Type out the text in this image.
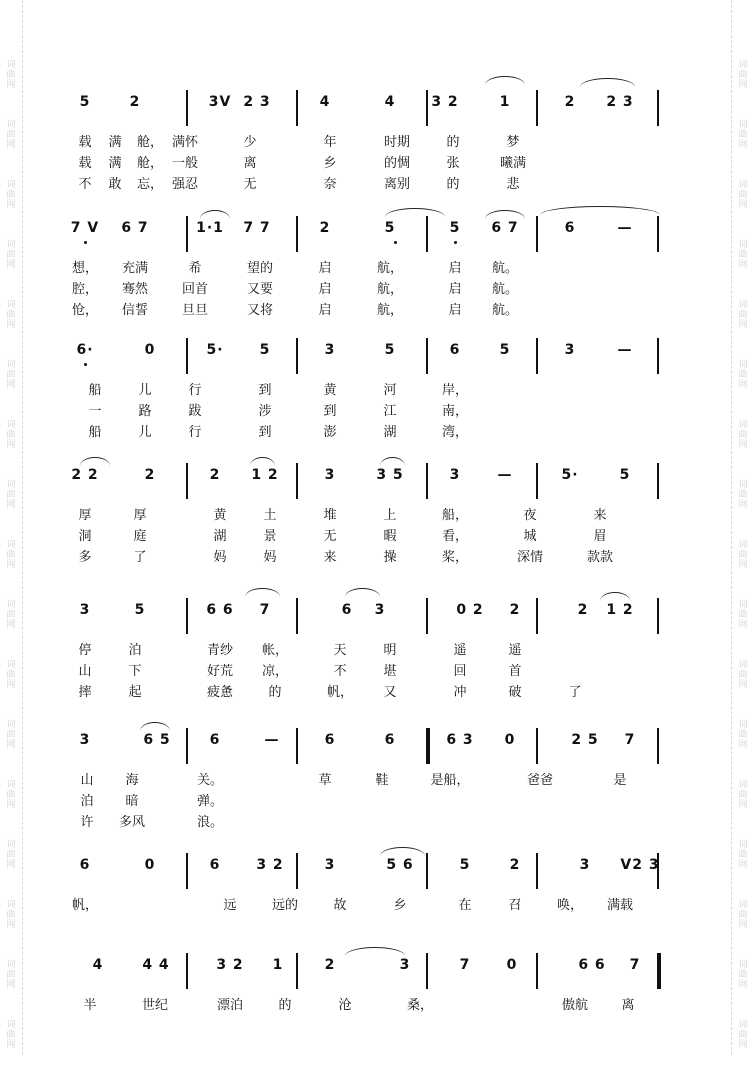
词
曲
网
词
曲
网
词
曲
网
词
曲
网
词
曲
网
词
曲
网
词
曲
网
词
曲
网
词
曲
网
词
曲
网
词
曲
网
词
曲
网
词
曲
网
词
曲
网
词
曲
网
词
曲
网
词
曲
网
词
曲
网
词
曲
网
词
曲
网
词
曲
网
词
曲
网
词
曲
网
词
曲
网
词
曲
网
词
曲
网
词
曲
网
词
曲
网
词
曲
网
词
曲
网
词
曲
网
词
曲
网
词
曲
网
词
曲
网
5	2	3V 2 3	4	4	3 2	1	2 2 3
载 满 舱， 满怀	少	年	时期	的	梦
载 满 舱， 一般	离	乡	的惆	张	曦满
不 敢 忘， 强忍	无	奈	离别	的	悲
7 V 6 7	1·1 7 7	2	5	5 6 7	6	—
想， 充满	希	望的	启	航，	启 航。
腔， 骞然	回首	又要	启	航，	启 航。
怆， 信誓	旦旦	又将	启	航，	启 航。
6·	0	5·	5	3	5	6	5	3	—
船	儿	行	到	黄	河	岸，
一	路	跋	涉	到	江	南，
船	儿	行	到	澎	湖	湾，
2 2	2	2 1 2	3	3 5	3	—	5·	5
厚	厚	黄	土	堆	上	船，	夜	来
洞	庭	湖	景	无	暇	看，	城	眉
多	了	妈	妈	来	操	桨，	深情	款款
3	5	6 6 7	6 3	0 2 2	2 1 2
停	泊	青纱 帐，	天	明	遥	遥
山	下	好荒 凉，	不	堪	回	首
摔	起	疲惫	的	帆， 又	冲	破	了
3	6 5	6	—	6	6	6 3 0	2 5 7
山 海	关。	草	鞋	是船，	爸爸	是
泊 暗	弹。
许 多风	浪。
6	0	6	3 2	3	5 6	5	2	3 V2 3
帆，	远	远的	故	乡	在	召	唤， 满载
4	4 4	3 2 1	2	3	7	0	6 6 7
半	世纪	漂泊	的	沧	桑，	傲航	离
